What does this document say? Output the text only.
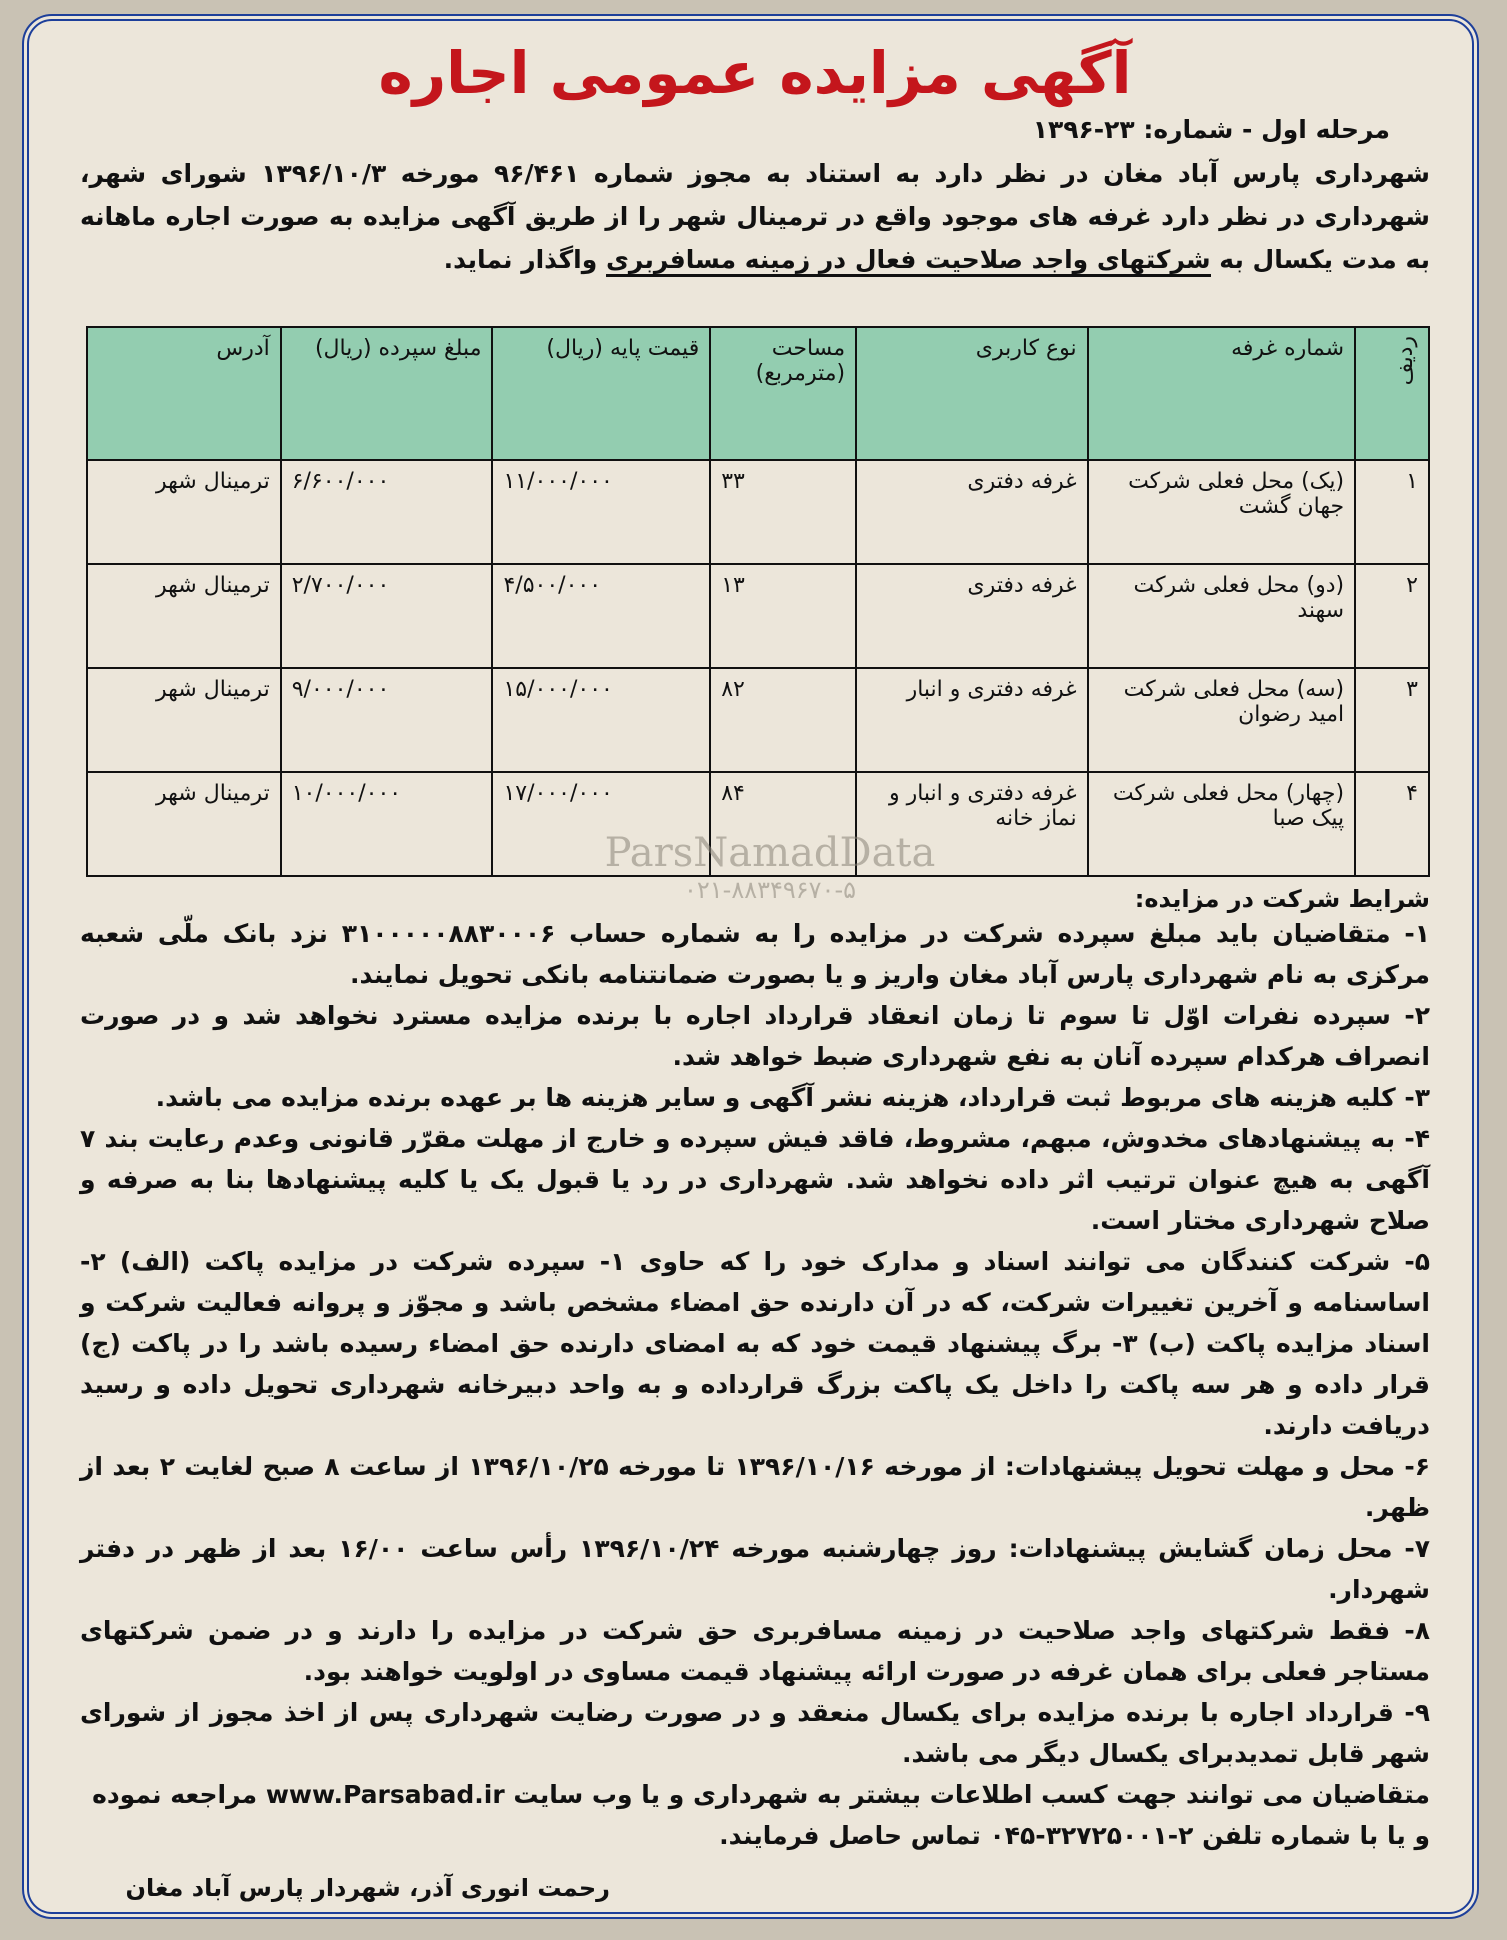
آگهی مزایده عمومی اجاره
مرحله اول - شماره: ۲۳-۱۳۹۶
شهرداری پارس آباد مغان در نظر دارد به استناد به مجوز شماره ۹۶/۴۶۱ مورخه ۱۳۹۶/۱۰/۳ شورای شهر، شهرداری در نظر دارد غرفه های موجود واقع در ترمینال شهر را از طریق آگهی مزایده به صورت اجاره ماهانه به مدت یکسال به شرکتهای واجد صلاحیت فعال در زمینه مسافربری واگذار نماید.
ردیف	شماره غرفه	نوع کاربری	مساحت (مترمربع)	قیمت پایه (ریال)	مبلغ سپرده (ریال)	آدرس
۱	(یک) محل فعلی شرکت جهان گشت	غرفه دفتری	۳۳	۱۱/۰۰۰/۰۰۰	۶/۶۰۰/۰۰۰	ترمینال شهر
۲	(دو) محل فعلی شرکت سهند	غرفه دفتری	۱۳	۴/۵۰۰/۰۰۰	۲/۷۰۰/۰۰۰	ترمینال شهر
۳	(سه) محل فعلی شرکت امید رضوان	غرفه دفتری و انبار	۸۲	۱۵/۰۰۰/۰۰۰	۹/۰۰۰/۰۰۰	ترمینال شهر
۴	(چهار) محل فعلی شرکت پیک صبا	غرفه دفتری و انبار و نماز خانه	۸۴	۱۷/۰۰۰/۰۰۰	۱۰/۰۰۰/۰۰۰	ترمینال شهر
شرایط شرکت در مزایده:
۱- متقاضیان باید مبلغ سپرده شرکت در مزایده را به شماره حساب ۳۱۰۰۰۰۰۸۸۳۰۰۰۶ نزد بانک ملّی شعبه مرکزی به نام شهرداری پارس آباد مغان واریز و یا بصورت ضمانتنامه بانکی تحویل نمایند.
۲- سپرده نفرات اوّل تا سوم تا زمان انعقاد قرارداد اجاره با برنده مزایده مسترد نخواهد شد و در صورت انصراف هرکدام سپرده آنان به نفع شهرداری ضبط خواهد شد.
۳- کلیه هزینه های مربوط ثبت قرارداد، هزینه نشر آگهی و سایر هزینه ها بر عهده برنده مزایده می باشد.
۴- به پیشنهادهای مخدوش، مبهم، مشروط، فاقد فیش سپرده و خارج از مهلت مقرّر قانونی وعدم رعایت بند ۷ آگهی به هیچ عنوان ترتیب اثر داده نخواهد شد. شهرداری در رد یا قبول یک یا کلیه پیشنهادها بنا به صرفه و صلاح شهرداری مختار است.
۵- شرکت کنندگان می توانند اسناد و مدارک خود را که حاوی ۱- سپرده شرکت در مزایده پاکت (الف) ۲- اساسنامه و آخرین تغییرات شرکت، که در آن دارنده حق امضاء مشخص باشد و مجوّز و پروانه فعالیت شرکت و اسناد مزایده پاکت (ب) ۳- برگ پیشنهاد قیمت خود که به امضای دارنده حق امضاء رسیده باشد را در پاکت (ج) قرار داده و هر سه پاکت را داخل یک پاکت بزرگ قرارداده و به واحد دبیرخانه شهرداری تحویل داده و رسید دریافت دارند.
۶- محل و مهلت تحویل پیشنهادات: از مورخه ۱۳۹۶/۱۰/۱۶ تا مورخه ۱۳۹۶/۱۰/۲۵ از ساعت ۸ صبح لغایت ۲ بعد از ظهر.
۷- محل زمان گشایش پیشنهادات: روز چهارشنبه مورخه ۱۳۹۶/۱۰/۲۴ رأس ساعت ۱۶/۰۰ بعد از ظهر در دفتر شهردار.
۸- فقط شرکتهای واجد صلاحیت در زمینه مسافربری حق شرکت در مزایده را دارند و در ضمن شرکتهای مستاجر فعلی برای همان غرفه در صورت ارائه پیشنهاد قیمت مساوی در اولویت خواهند بود.
۹- قرارداد اجاره با برنده مزایده برای یکسال منعقد و در صورت رضایت شهرداری پس از اخذ مجوز از شورای شهر قابل تمدیدبرای یکسال دیگر می باشد.
متقاضیان می توانند جهت کسب اطلاعات بیشتر به شهرداری و یا وب سایت www.Parsabad.ir مراجعه نموده و یا با شماره تلفن ۲-۳۲۷۲۵۰۰۱-۰۴۵ تماس حاصل فرمایند.
رحمت انوری آذر، شهردار پارس آباد مغان
ParsNamadData
۰۲۱-۸۸۳۴۹۶۷۰-۵
